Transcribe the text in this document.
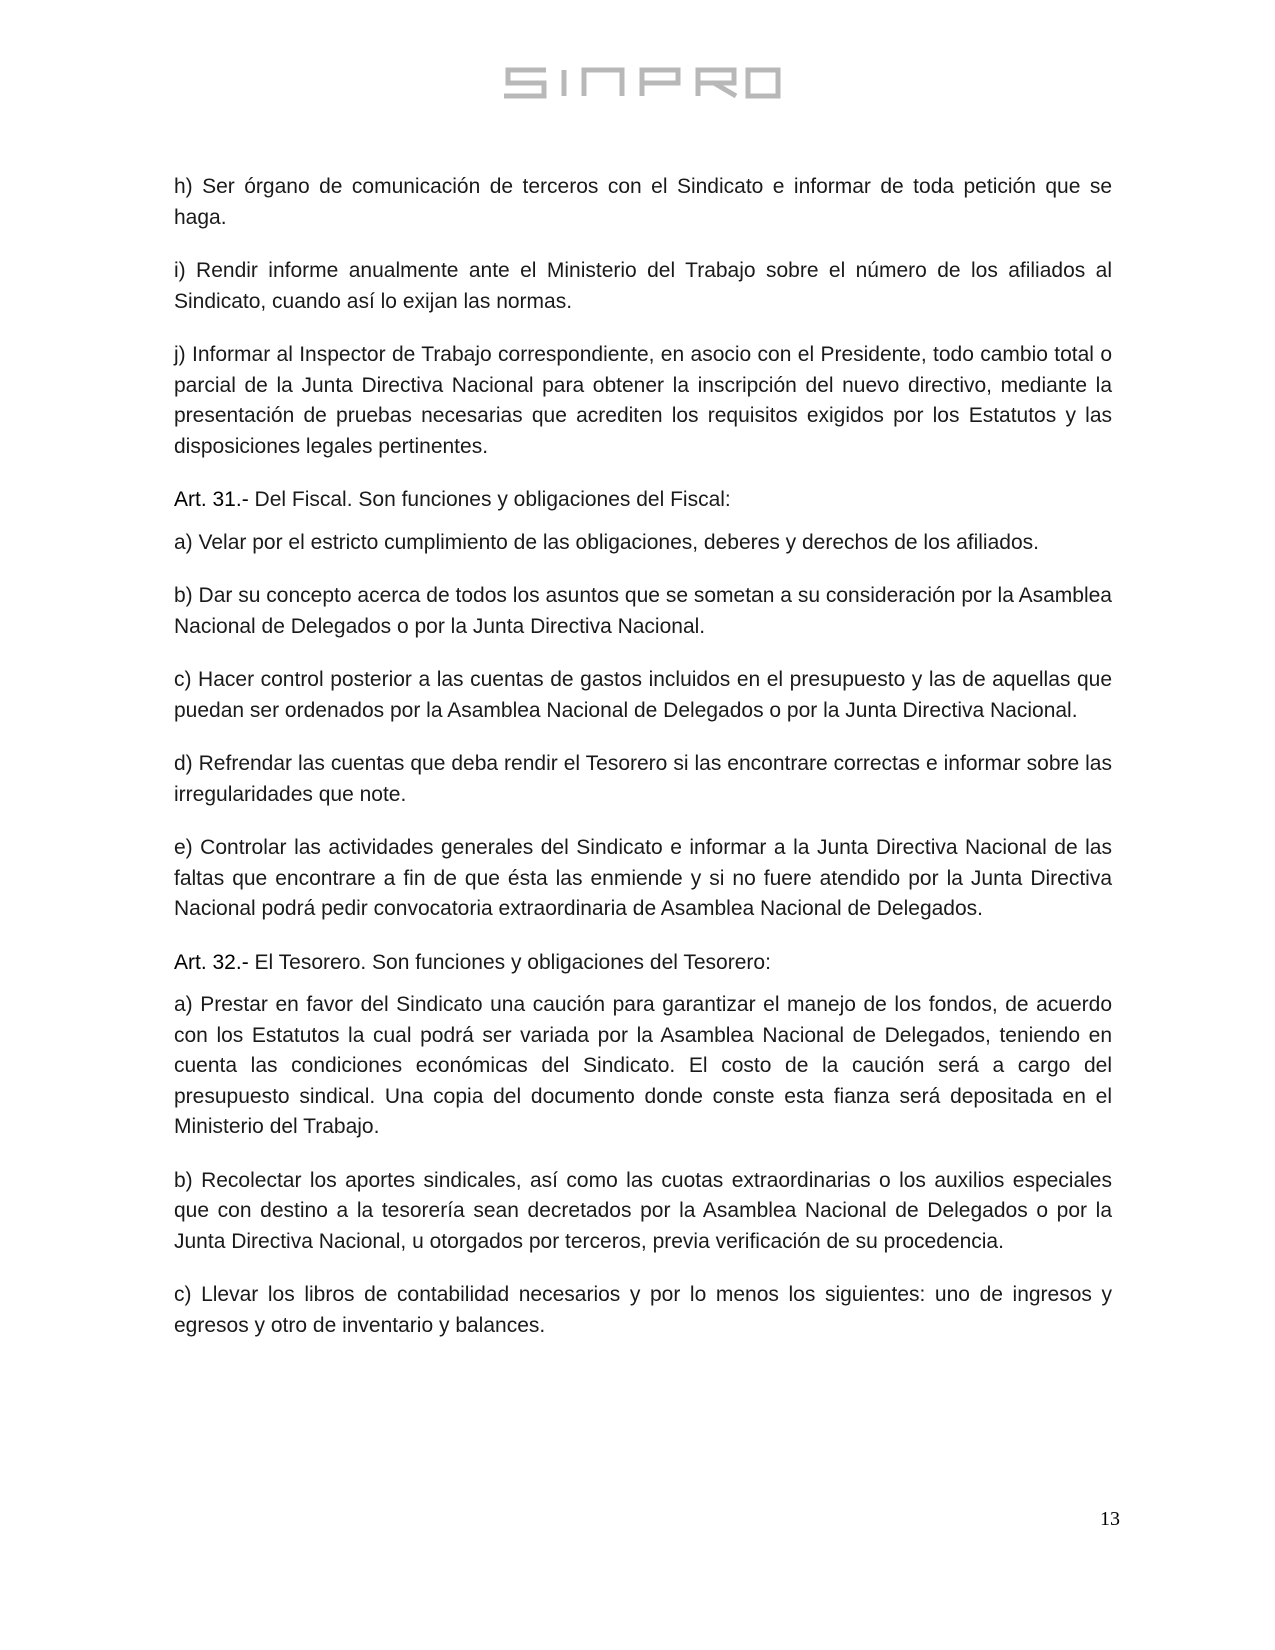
h) Ser órgano de comunicación de terceros con el Sindicato e informar de toda petición que se haga.

i) Rendir informe anualmente ante el Ministerio del Trabajo sobre el número de los afiliados al Sindicato, cuando así lo exijan las normas.

j) Informar al Inspector de Trabajo correspondiente, en asocio con el Presidente, todo cambio total o parcial de la Junta Directiva Nacional para obtener la inscripción del nuevo directivo, mediante la presentación de pruebas necesarias que acrediten los requisitos exigidos por los Estatutos y las disposiciones legales pertinentes.

Art. 31.- Del Fiscal. Son funciones y obligaciones del Fiscal:

a) Velar por el estricto cumplimiento de las obligaciones, deberes y derechos de los afiliados.

b) Dar su concepto acerca de todos los asuntos que se sometan a su consideración por la Asamblea Nacional de Delegados o por la Junta Directiva Nacional.

c) Hacer control posterior a las cuentas de gastos incluidos en el presupuesto y las de aquellas que puedan ser ordenados por la Asamblea Nacional de Delegados o por la Junta Directiva Nacional.

d) Refrendar las cuentas que deba rendir el Tesorero si las encontrare correctas e informar sobre las irregularidades que note.

e) Controlar las actividades generales del Sindicato e informar a la Junta Directiva Nacional de las faltas que encontrare a fin de que ésta las enmiende y si no fuere atendido por la Junta Directiva Nacional podrá pedir convocatoria extraordinaria de Asamblea Nacional de Delegados.

Art. 32.- El Tesorero. Son funciones y obligaciones del Tesorero:

a) Prestar en favor del Sindicato una caución para garantizar el manejo de los fondos, de acuerdo con los Estatutos la cual podrá ser variada por la Asamblea Nacional de Delegados, teniendo en cuenta las condiciones económicas del Sindicato. El costo de la caución será a cargo del presupuesto sindical. Una copia del documento donde conste esta fianza será depositada en el Ministerio del Trabajo.

b) Recolectar los aportes sindicales, así como las cuotas extraordinarias o los auxilios especiales que con destino a la tesorería sean decretados por la Asamblea Nacional de Delegados o por la Junta Directiva Nacional, u otorgados por terceros, previa verificación de su procedencia.

c) Llevar los libros de contabilidad necesarios y por lo menos los siguientes: uno de ingresos y egresos y otro de inventario y balances.

13
